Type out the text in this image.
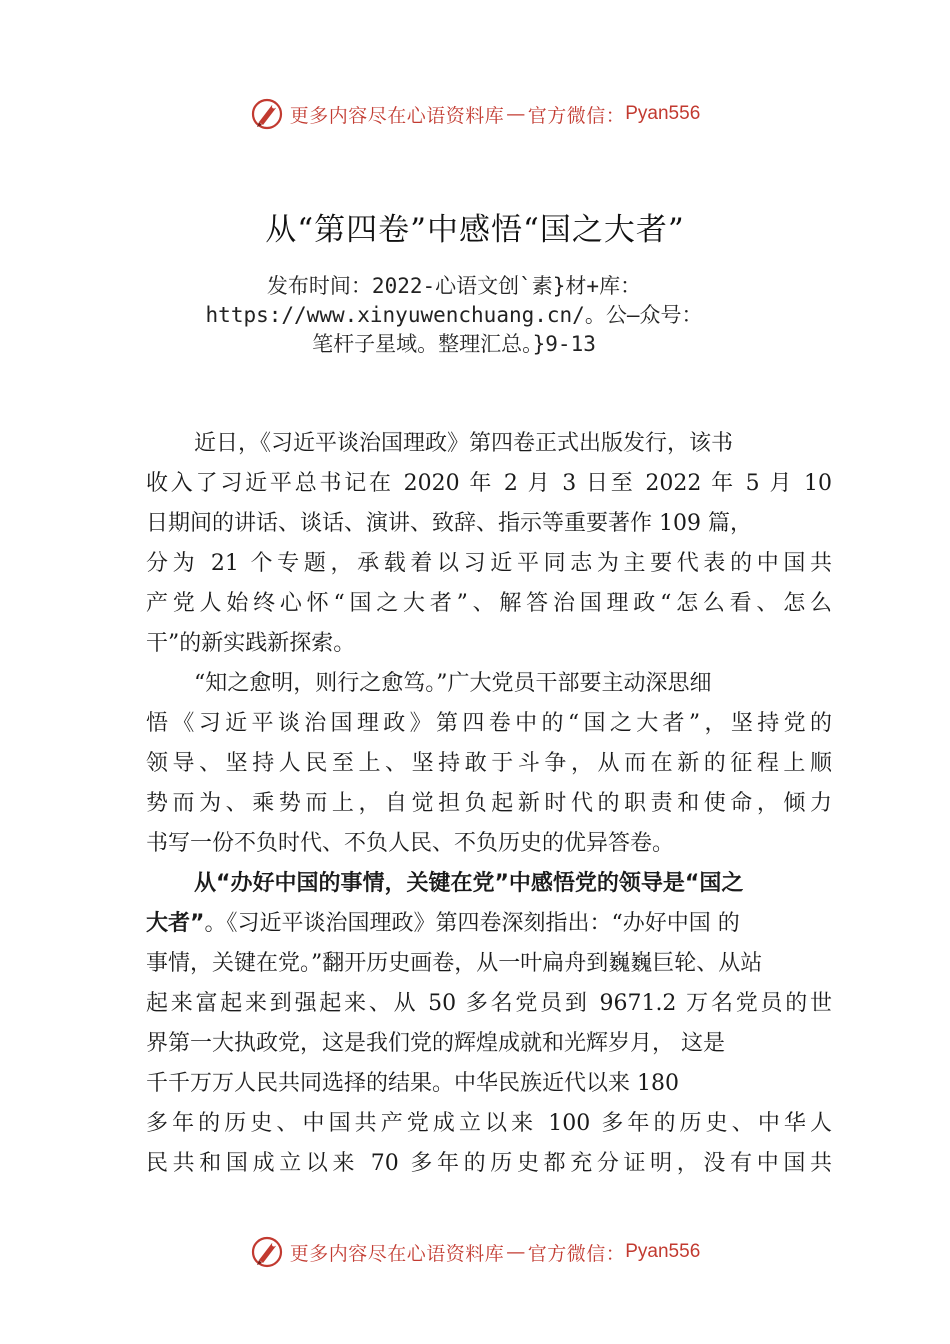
更多内容尽在心语资料库 — 官方微信： Pyan556
从“第四卷”中感悟“国之大者”
发布时间：2022-心语文创`素}材+库：
https://www.xinyuwenchuang.cn/。公—众号：
笔杆子星域。整理汇总。}9-13
近日，《习近平谈治国理政》第四卷正式出版发行，该书
收入了习近平总书记在 2020 年 2 月 3 日至 2022 年 5 月 10
日期间的讲话、谈话、演讲、致辞、指示等重要著作 109 篇，
分为 21 个专题，承载着以习近平同志为主要代表的中国共
产党人始终心怀“国之大者”、解答治国理政“怎么看、怎么
干”的新实践新探索。
“知之愈明，则行之愈笃。”广大党员干部要主动深思细
悟《习近平谈治国理政》第四卷中的“国之大者”，坚持党的
领导、坚持人民至上、坚持敢于斗争，从而在新的征程上顺
势而为、乘势而上，自觉担负起新时代的职责和使命，倾力
书写一份不负时代、不负人民、不负历史的优异答卷。
从“办好中国的事情，关键在党”中感悟党的领导是“国之
大者”。《习近平谈治国理政》第四卷深刻指出：“办好中国 的
事情，关键在党。”翻开历史画卷，从一叶扁舟到巍巍巨轮、从站
起来富起来到强起来、从 50 多名党员到 9671.2 万名党员的世
界第一大执政党，这是我们党的辉煌成就和光辉岁月， 这是
千千万万人民共同选择的结果。中华民族近代以来 180
多年的历史、中国共产党成立以来 100 多年的历史、中华人
民共和国成立以来 70 多年的历史都充分证明，没有中国共
更多内容尽在心语资料库 — 官方微信： Pyan556
